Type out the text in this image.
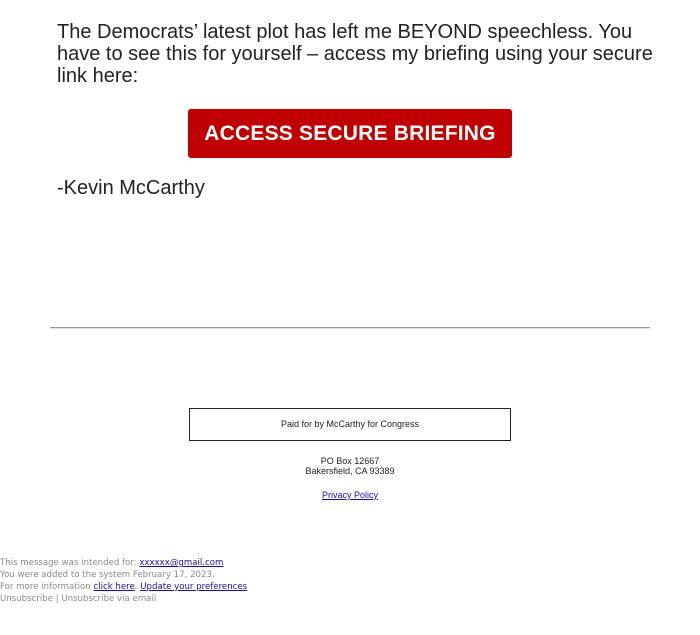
The Democrats’ latest plot has left me BEYOND speechless. You have to see this for yourself – access my briefing using your secure link here:

ACCESS SECURE BRIEFING
-Kevin McCarthy
Paid for by McCarthy for Congress
PO Box 12667
Bakersfield, CA 93389
Privacy Policy
This message was intended for: xxxxxx@gmail.com
You were added to the system February 17, 2023.
For more information click here. Update your preferences
Unsubscribe | Unsubscribe via email
